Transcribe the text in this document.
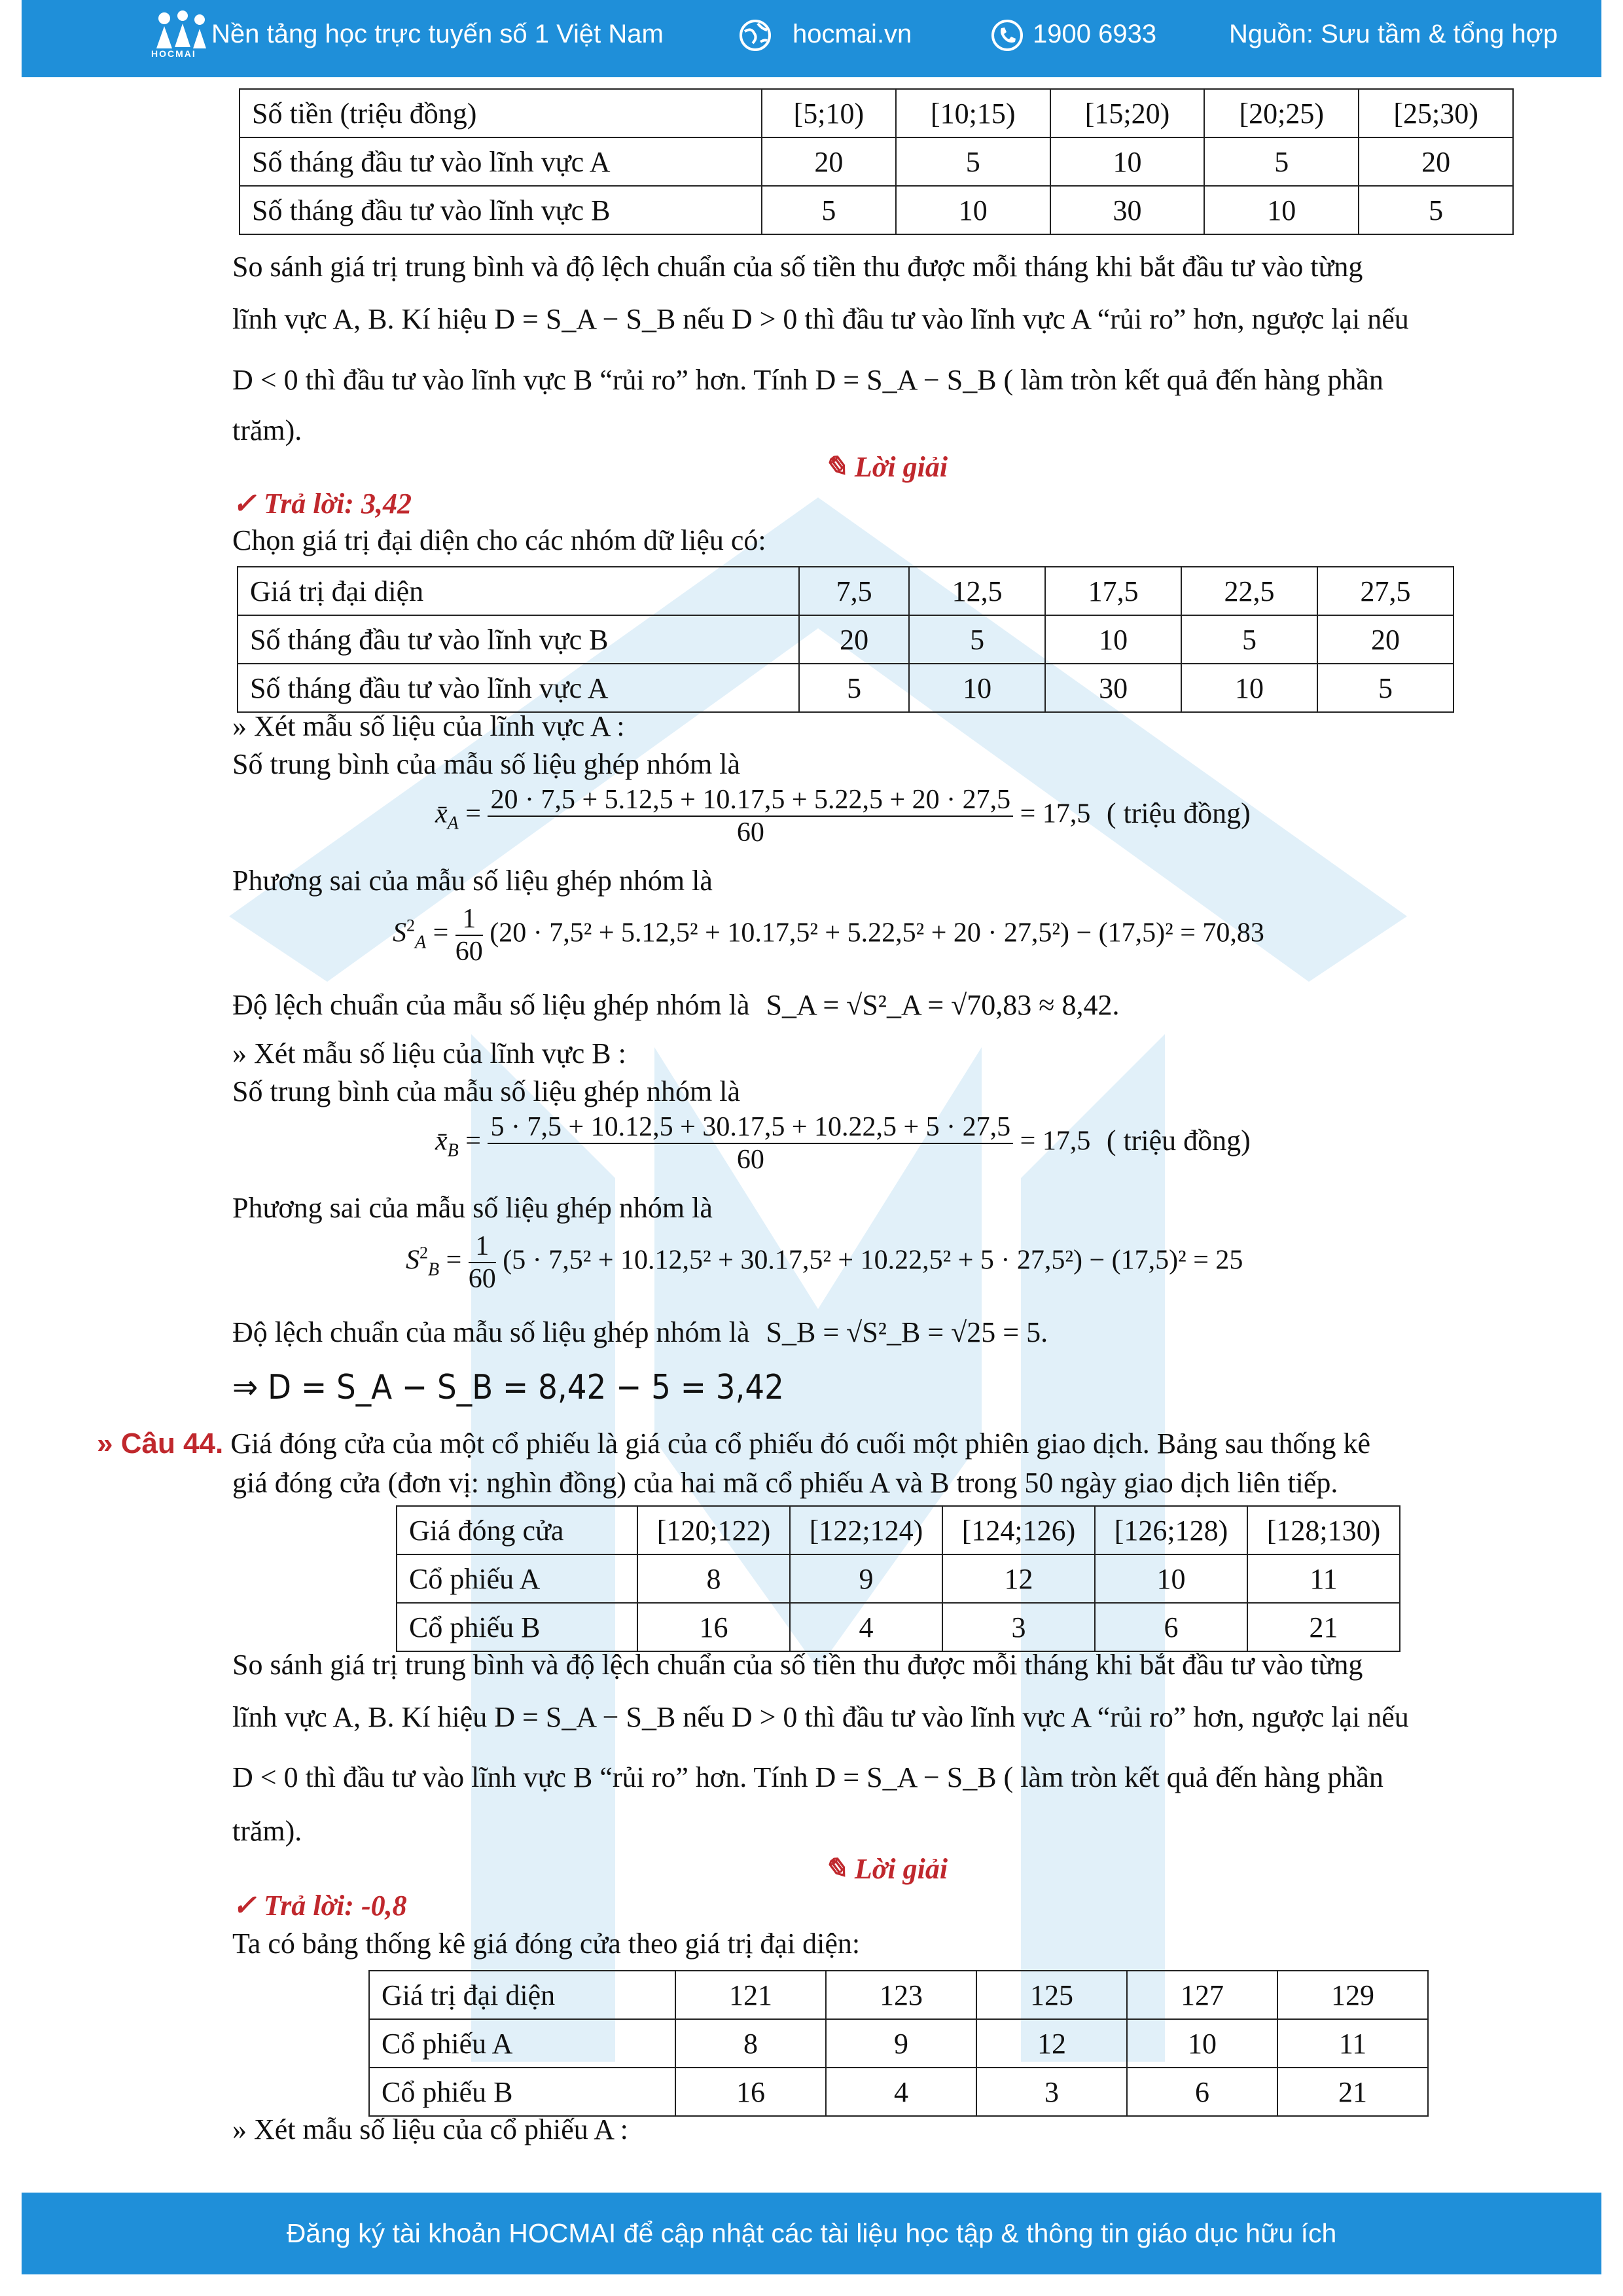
HOCMAI
Nền tảng học trực tuyến số 1 Việt Nam	hocmai.vn	1900 6933	Nguồn: Sưu tầm & tổng hợp
Số tiền (triệu đồng)	[5;10)	[10;15)	[15;20)	[20;25)	[25;30)
Số tháng đầu tư vào lĩnh vực A	20	5	10	5	20
Số tháng đầu tư vào lĩnh vực B	5	10	30	10	5

So sánh giá trị trung bình và độ lệch chuẩn của số tiền thu được mỗi tháng khi bắt đầu tư vào từng

lĩnh vực A, B. Kí hiệu D = S_A − S_B nếu D > 0 thì đầu tư vào lĩnh vực A “rủi ro” hơn, ngược lại nếu

D < 0 thì đầu tư vào lĩnh vực B “rủi ro” hơn. Tính D = S_A − S_B ( làm tròn kết quả đến hàng phần

trăm).

✎ Lời giải

✓ Trả lời: 3,42

Chọn giá trị đại diện cho các nhóm dữ liệu có:

Giá trị đại diện	7,5	12,5	17,5	22,5	27,5
Số tháng đầu tư vào lĩnh vực B	20	5	10	5	20
Số tháng đầu tư vào lĩnh vực A	5	10	30	10	5

» Xét mẫu số liệu của lĩnh vực A :

Số trung bình của mẫu số liệu ghép nhóm là

$x̄_A = \frac{20 \cdot 7,5 + 5.12,5 + 10.17,5 + 5.22,5 + 20 \cdot 27,5}{60} = 17,5$ ( triệu đồng)

Phương sai của mẫu số liệu ghép nhóm là

$S^2_A = \frac{1}{60} (20 \cdot 7,5^2 + 5.12,5^2 + 10.17,5^2 + 5.22,5^2 + 20 \cdot 27,5^2) - (17,5)^2 = 70,83$

Độ lệch chuẩn của mẫu số liệu ghép nhóm là S_A = √S²_A = √70,83 ≈ 8,42.

» Xét mẫu số liệu của lĩnh vực B :

Số trung bình của mẫu số liệu ghép nhóm là

$x̄_B = \frac{5 \cdot 7,5 + 10.12,5 + 30.17,5 + 10.22,5 + 5 \cdot 27,5}{60} = 17,5$ ( triệu đồng)

Phương sai của mẫu số liệu ghép nhóm là

$S^2_B = \frac{1}{60} (5 \cdot 7,5^2 + 10.12,5^2 + 30.17,5^2 + 10.22,5^2 + 5 \cdot 27,5^2) - (17,5)^2 = 25$

Độ lệch chuẩn của mẫu số liệu ghép nhóm là S_B = √S²_B = √25 = 5.

⇒ D = S_A − S_B = 8,42 − 5 = 3,42

» Câu 44. Giá đóng cửa của một cổ phiếu là giá của cổ phiếu đó cuối một phiên giao dịch. Bảng sau thống kê

giá đóng cửa (đơn vị: nghìn đồng) của hai mã cổ phiếu A và B trong 50 ngày giao dịch liên tiếp.

Giá đóng cửa	[120;122)	[122;124)	[124;126)	[126;128)	[128;130)
Cổ phiếu A	8	9	12	10	11
Cổ phiếu B	16	4	3	6	21

So sánh giá trị trung bình và độ lệch chuẩn của số tiền thu được mỗi tháng khi bắt đầu tư vào từng

lĩnh vực A, B. Kí hiệu D = S_A − S_B nếu D > 0 thì đầu tư vào lĩnh vực A “rủi ro” hơn, ngược lại nếu

D < 0 thì đầu tư vào lĩnh vực B “rủi ro” hơn. Tính D = S_A − S_B ( làm tròn kết quả đến hàng phần

trăm).

✎ Lời giải

✓ Trả lời: -0,8

Ta có bảng thống kê giá đóng cửa theo giá trị đại diện:

Giá trị đại diện	121	123	125	127	129
Cổ phiếu A	8	9	12	10	11
Cổ phiếu B	16	4	3	6	21

» Xét mẫu số liệu của cổ phiếu A :

Đăng ký tài khoản HOCMAI để cập nhật các tài liệu học tập & thông tin giáo dục hữu ích
